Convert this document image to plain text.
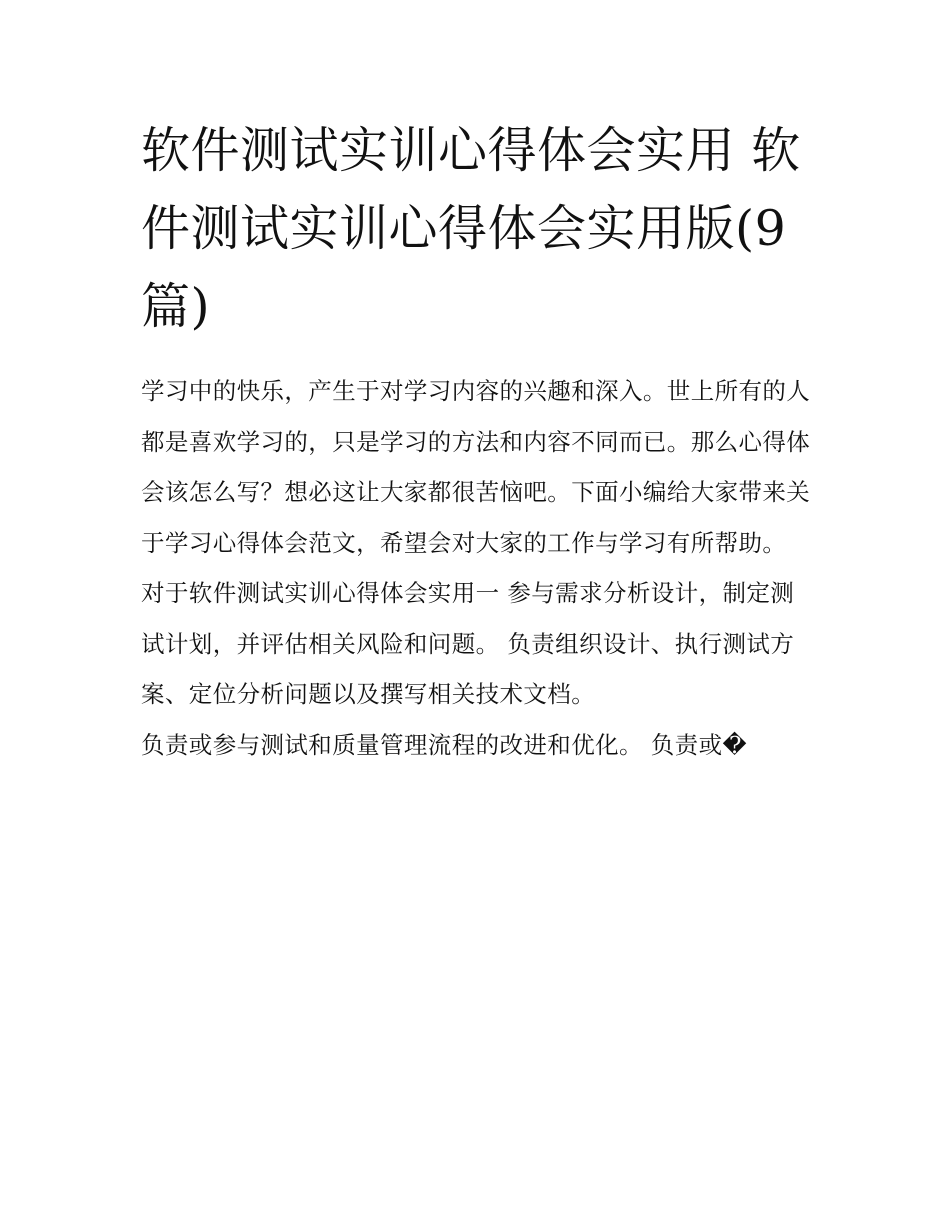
软件测试实训心得体会实用 软件测试实训心得体会实用版(9篇)

学习中的快乐，产生于对学习内容的兴趣和深入。世上所有的人都是喜欢学习的，只是学习的方法和内容不同而已。那么心得体会该怎么写？想必这让大家都很苦恼吧。下面小编给大家带来关于学习心得体会范文，希望会对大家的工作与学习有所帮助。

对于软件测试实训心得体会实用一 参与需求分析设计，制定测试计划，并评估相关风险和问题。 负责组织设计、执行测试方案、定位分析问题以及撰写相关技术文档。

负责或参与测试和质量管理流程的改进和优化。 负责或�
